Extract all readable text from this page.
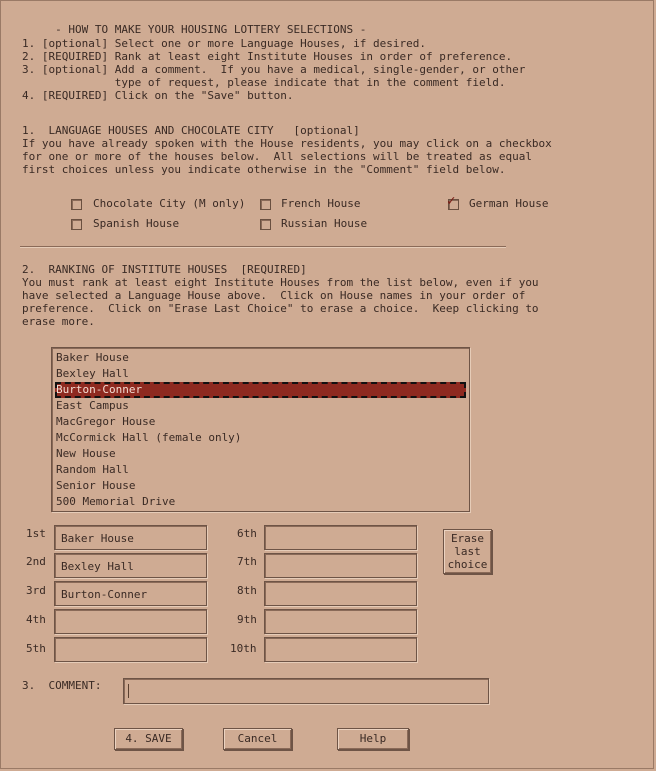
- HOW TO MAKE YOUR HOUSING LOTTERY SELECTIONS -
1. [optional] Select one or more Language Houses, if desired.
2. [REQUIRED] Rank at least eight Institute Houses in order of preference.
3. [optional] Add a comment.  If you have a medical, single-gender, or other
type of request, please indicate that in the comment field.
4. [REQUIRED] Click on the "Save" button.
1.  LANGUAGE HOUSES AND CHOCOLATE CITY   [optional]
If you have already spoken with the House residents, you may click on a checkbox
for one or more of the houses below.  All selections will be treated as equal
first choices unless you indicate otherwise in the "Comment" field below.
Chocolate City (M only)	French House	✓ German House
Spanish House	Russian House
2.  RANKING OF INSTITUTE HOUSES  [REQUIRED]
You must rank at least eight Institute Houses from the list below, even if you
have selected a Language House above.  Click on House names in your order of
preference.  Click on "Erase Last Choice" to erase a choice.  Keep clicking to
erase more.
Baker House
Bexley Hall
Burton-Conner
East Campus
MacGregor House
McCormick Hall (female only)
New House
Random Hall
Senior House
500 Memorial Drive
1st	Baker House
2nd	Bexley Hall
3rd	Burton-Conner
4th
5th
6th
7th
8th
9th
10th
Erase
last
choice
3.  COMMENT:
4. SAVE	Cancel	Help
